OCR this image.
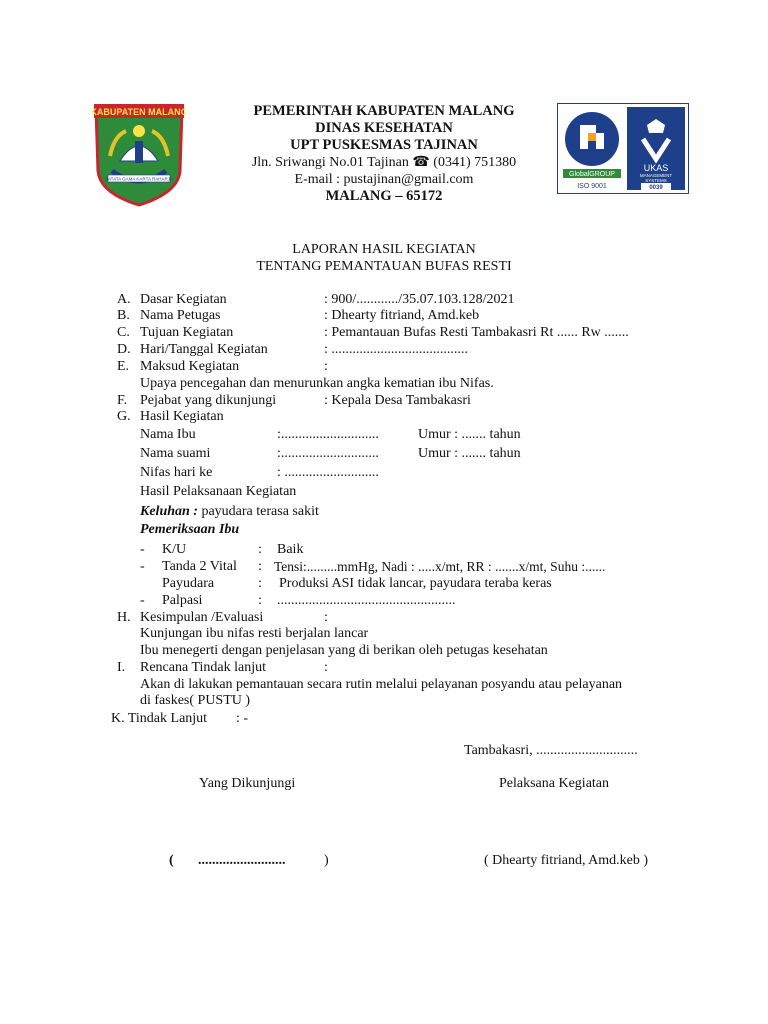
KABUPATEN MALANG
SATATA GAMA KARTA RAHARJA
PEMERINTAH KABUPATEN MALANG
DINAS KESEHATAN
UPT PUSKESMAS TAJINAN
Jln. Sriwangi No.01 Tajinan ☎ (0341) 751380
E-mail : pustajinan@gmail.com
MALANG – 65172
GlobalGROUP
ISO 9001
UKAS
MANAGEMENT
SYSTEMS
0039
LAPORAN HASIL KEGIATAN
TENTANG PEMANTAUAN BUFAS RESTI
A. Dasar Kegiatan	: 900/............/35.07.103.128/2021
B. Nama Petugas	: Dhearty fitriand, Amd.keb
C. Tujuan Kegiatan	: Pemantauan Bufas Resti Tambakasri Rt ...... Rw .......
D. Hari/Tanggal Kegiatan	: .......................................
E. Maksud Kegiatan	:
Upaya pencegahan dan menurunkan angka kematian ibu Nifas.
F. Pejabat yang dikunjungi	: Kepala Desa Tambakasri
G. Hasil Kegiatan
Nama Ibu	:............................	Umur : ....... tahun
Nama suami	:............................	Umur : ....... tahun
Nifas hari ke	: ...........................
Hasil Pelaksanaan Kegiatan
Keluhan : payudara terasa sakit
Pemeriksaan Ibu
- K/U	: Baik
- Tanda 2 Vital : Tensi:.........mmHg, Nadi : .....x/mt, RR : .......x/mt, Suhu :......
Payudara	: Produksi ASI tidak lancar, payudara teraba keras
- Palpasi	: ...................................................
H. Kesimpulan /Evaluasi	:
Kunjungan ibu nifas resti berjalan lancar
Ibu menegerti dengan penjelasan yang di berikan oleh petugas kesehatan
I. Rencana Tindak lanjut	:
Akan di lakukan pemantauan secara rutin melalui pelayanan posyandu atau pelayanan
di faskes( PUSTU )
K. Tindak Lanjut : -
Tambakasri, .............................
Yang Dikunjungi	Pelaksana Kegiatan
( .........................	)	( Dhearty fitriand, Amd.keb )
